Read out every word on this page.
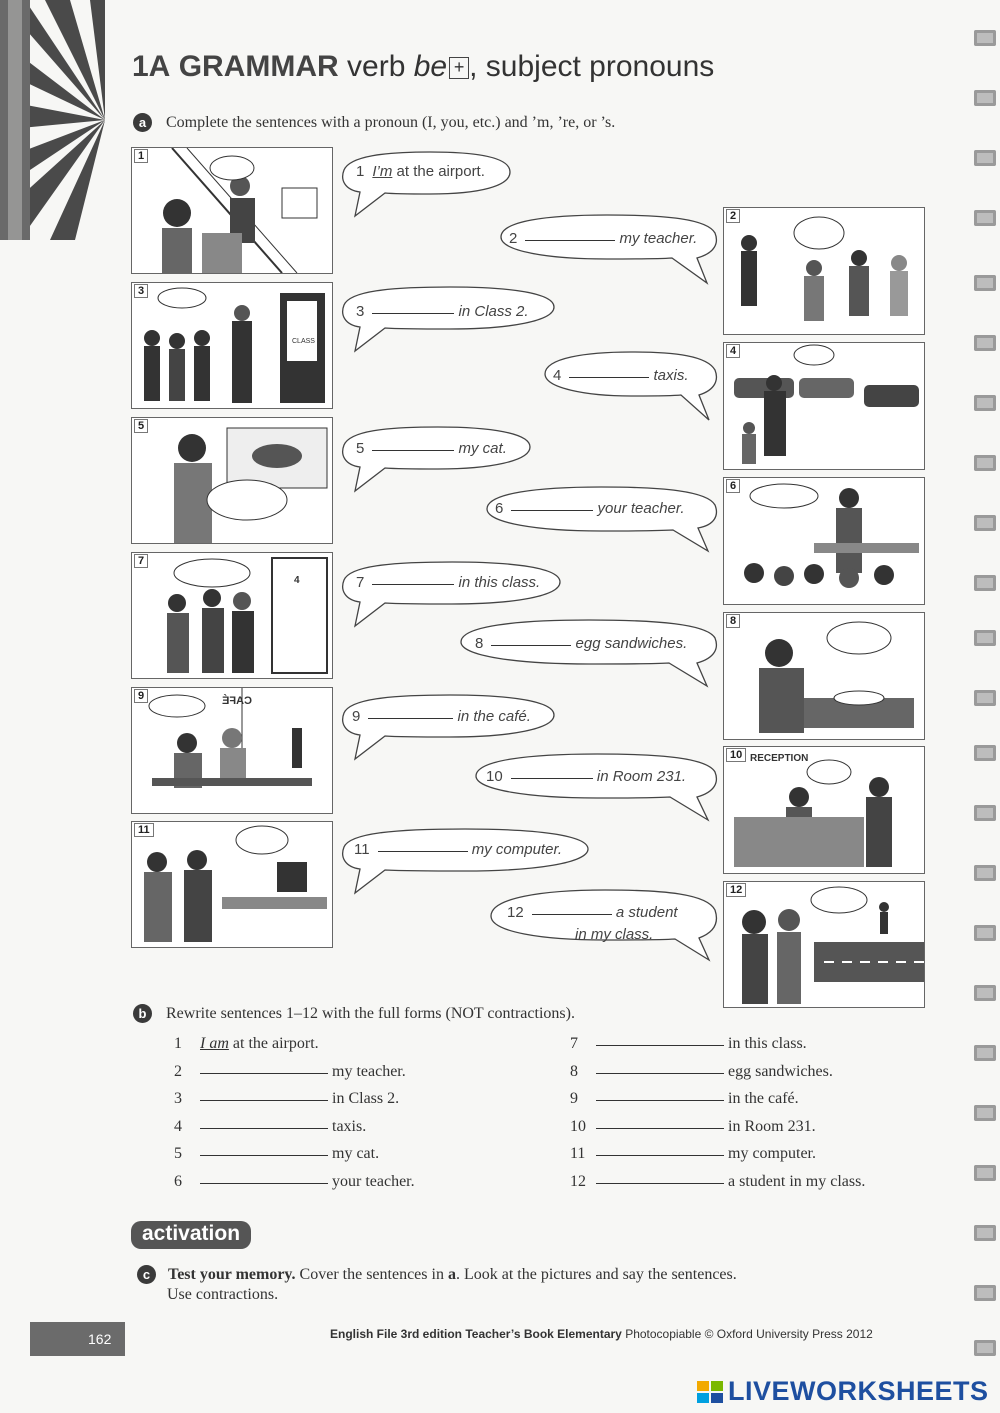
1A GRAMMAR verb be + , subject pronouns
a Complete the sentences with a pronoun (I, you, etc.) and ’m, ’re, or ’s.
1
3
CLASS 2
5
7
4
9	CAFÉ
11
2
4
6
8
10 RECEPTION
12
1 I’m at the airport.
2	my teacher.
3	in Class 2.
4	taxis.
5	my cat.
6	your teacher.
7	in this class.
8	egg sandwiches.
9	in the café.
10	in Room 231.
11	my computer.
12	a student
in my class.
b Rewrite sentences 1–12 with the full forms (NOT contractions).
1 I am at the airport.
2	my teacher.
3	in Class 2.
4	taxis.
5	my cat.
6	your teacher.
7	in this class.
8	egg sandwiches.
9	in the café.
10	in Room 231.
11	my computer.
12	a student in my class.
activation
c Test your memory. Cover the sentences in a. Look at the pictures and say the sentences.
Use contractions.
162	English File 3rd edition Teacher’s Book Elementary Photocopiable © Oxford University Press 2012
LIVEWORKSHEETS
